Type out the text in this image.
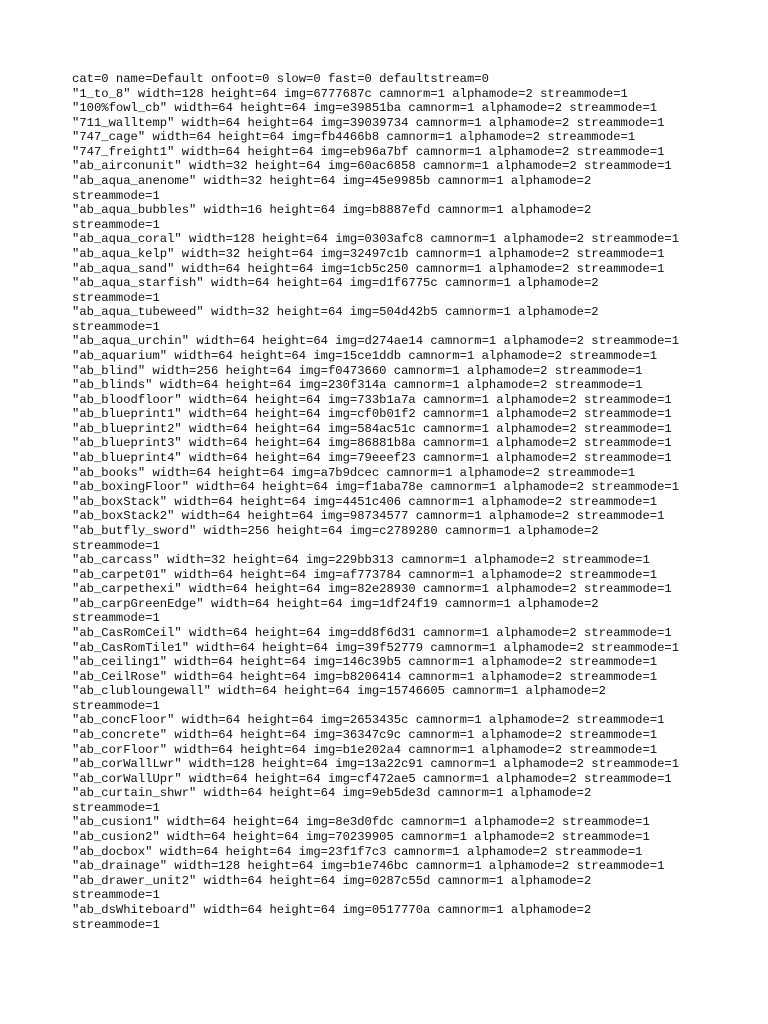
cat=0 name=Default onfoot=0 slow=0 fast=0 defaultstream=0
"1_to_8" width=128 height=64 img=6777687c camnorm=1 alphamode=2 streammode=1
"100%fowl_cb" width=64 height=64 img=e39851ba camnorm=1 alphamode=2 streammode=1
"711_walltemp" width=64 height=64 img=39039734 camnorm=1 alphamode=2 streammode=1
"747_cage" width=64 height=64 img=fb4466b8 camnorm=1 alphamode=2 streammode=1
"747_freight1" width=64 height=64 img=eb96a7bf camnorm=1 alphamode=2 streammode=1
"ab_airconunit" width=32 height=64 img=60ac6858 camnorm=1 alphamode=2 streammode=1
"ab_aqua_anenome" width=32 height=64 img=45e9985b camnorm=1 alphamode=2
streammode=1
"ab_aqua_bubbles" width=16 height=64 img=b8887efd camnorm=1 alphamode=2
streammode=1
"ab_aqua_coral" width=128 height=64 img=0303afc8 camnorm=1 alphamode=2 streammode=1
"ab_aqua_kelp" width=32 height=64 img=32497c1b camnorm=1 alphamode=2 streammode=1
"ab_aqua_sand" width=64 height=64 img=1cb5c250 camnorm=1 alphamode=2 streammode=1
"ab_aqua_starfish" width=64 height=64 img=d1f6775c camnorm=1 alphamode=2
streammode=1
"ab_aqua_tubeweed" width=32 height=64 img=504d42b5 camnorm=1 alphamode=2
streammode=1
"ab_aqua_urchin" width=64 height=64 img=d274ae14 camnorm=1 alphamode=2 streammode=1
"ab_aquarium" width=64 height=64 img=15ce1ddb camnorm=1 alphamode=2 streammode=1
"ab_blind" width=256 height=64 img=f0473660 camnorm=1 alphamode=2 streammode=1
"ab_blinds" width=64 height=64 img=230f314a camnorm=1 alphamode=2 streammode=1
"ab_bloodfloor" width=64 height=64 img=733b1a7a camnorm=1 alphamode=2 streammode=1
"ab_blueprint1" width=64 height=64 img=cf0b01f2 camnorm=1 alphamode=2 streammode=1
"ab_blueprint2" width=64 height=64 img=584ac51c camnorm=1 alphamode=2 streammode=1
"ab_blueprint3" width=64 height=64 img=86881b8a camnorm=1 alphamode=2 streammode=1
"ab_blueprint4" width=64 height=64 img=79eeef23 camnorm=1 alphamode=2 streammode=1
"ab_books" width=64 height=64 img=a7b9dcec camnorm=1 alphamode=2 streammode=1
"ab_boxingFloor" width=64 height=64 img=f1aba78e camnorm=1 alphamode=2 streammode=1
"ab_boxStack" width=64 height=64 img=4451c406 camnorm=1 alphamode=2 streammode=1
"ab_boxStack2" width=64 height=64 img=98734577 camnorm=1 alphamode=2 streammode=1
"ab_butfly_sword" width=256 height=64 img=c2789280 camnorm=1 alphamode=2
streammode=1
"ab_carcass" width=32 height=64 img=229bb313 camnorm=1 alphamode=2 streammode=1
"ab_carpet01" width=64 height=64 img=af773784 camnorm=1 alphamode=2 streammode=1
"ab_carpethexi" width=64 height=64 img=82e28930 camnorm=1 alphamode=2 streammode=1
"ab_carpGreenEdge" width=64 height=64 img=1df24f19 camnorm=1 alphamode=2
streammode=1
"ab_CasRomCeil" width=64 height=64 img=dd8f6d31 camnorm=1 alphamode=2 streammode=1
"ab_CasRomTile1" width=64 height=64 img=39f52779 camnorm=1 alphamode=2 streammode=1
"ab_ceiling1" width=64 height=64 img=146c39b5 camnorm=1 alphamode=2 streammode=1
"ab_CeilRose" width=64 height=64 img=b8206414 camnorm=1 alphamode=2 streammode=1
"ab_clubloungewall" width=64 height=64 img=15746605 camnorm=1 alphamode=2
streammode=1
"ab_concFloor" width=64 height=64 img=2653435c camnorm=1 alphamode=2 streammode=1
"ab_concrete" width=64 height=64 img=36347c9c camnorm=1 alphamode=2 streammode=1
"ab_corFloor" width=64 height=64 img=b1e202a4 camnorm=1 alphamode=2 streammode=1
"ab_corWallLwr" width=128 height=64 img=13a22c91 camnorm=1 alphamode=2 streammode=1
"ab_corWallUpr" width=64 height=64 img=cf472ae5 camnorm=1 alphamode=2 streammode=1
"ab_curtain_shwr" width=64 height=64 img=9eb5de3d camnorm=1 alphamode=2
streammode=1
"ab_cusion1" width=64 height=64 img=8e3d0fdc camnorm=1 alphamode=2 streammode=1
"ab_cusion2" width=64 height=64 img=70239905 camnorm=1 alphamode=2 streammode=1
"ab_docbox" width=64 height=64 img=23f1f7c3 camnorm=1 alphamode=2 streammode=1
"ab_drainage" width=128 height=64 img=b1e746bc camnorm=1 alphamode=2 streammode=1
"ab_drawer_unit2" width=64 height=64 img=0287c55d camnorm=1 alphamode=2
streammode=1
"ab_dsWhiteboard" width=64 height=64 img=0517770a camnorm=1 alphamode=2
streammode=1
